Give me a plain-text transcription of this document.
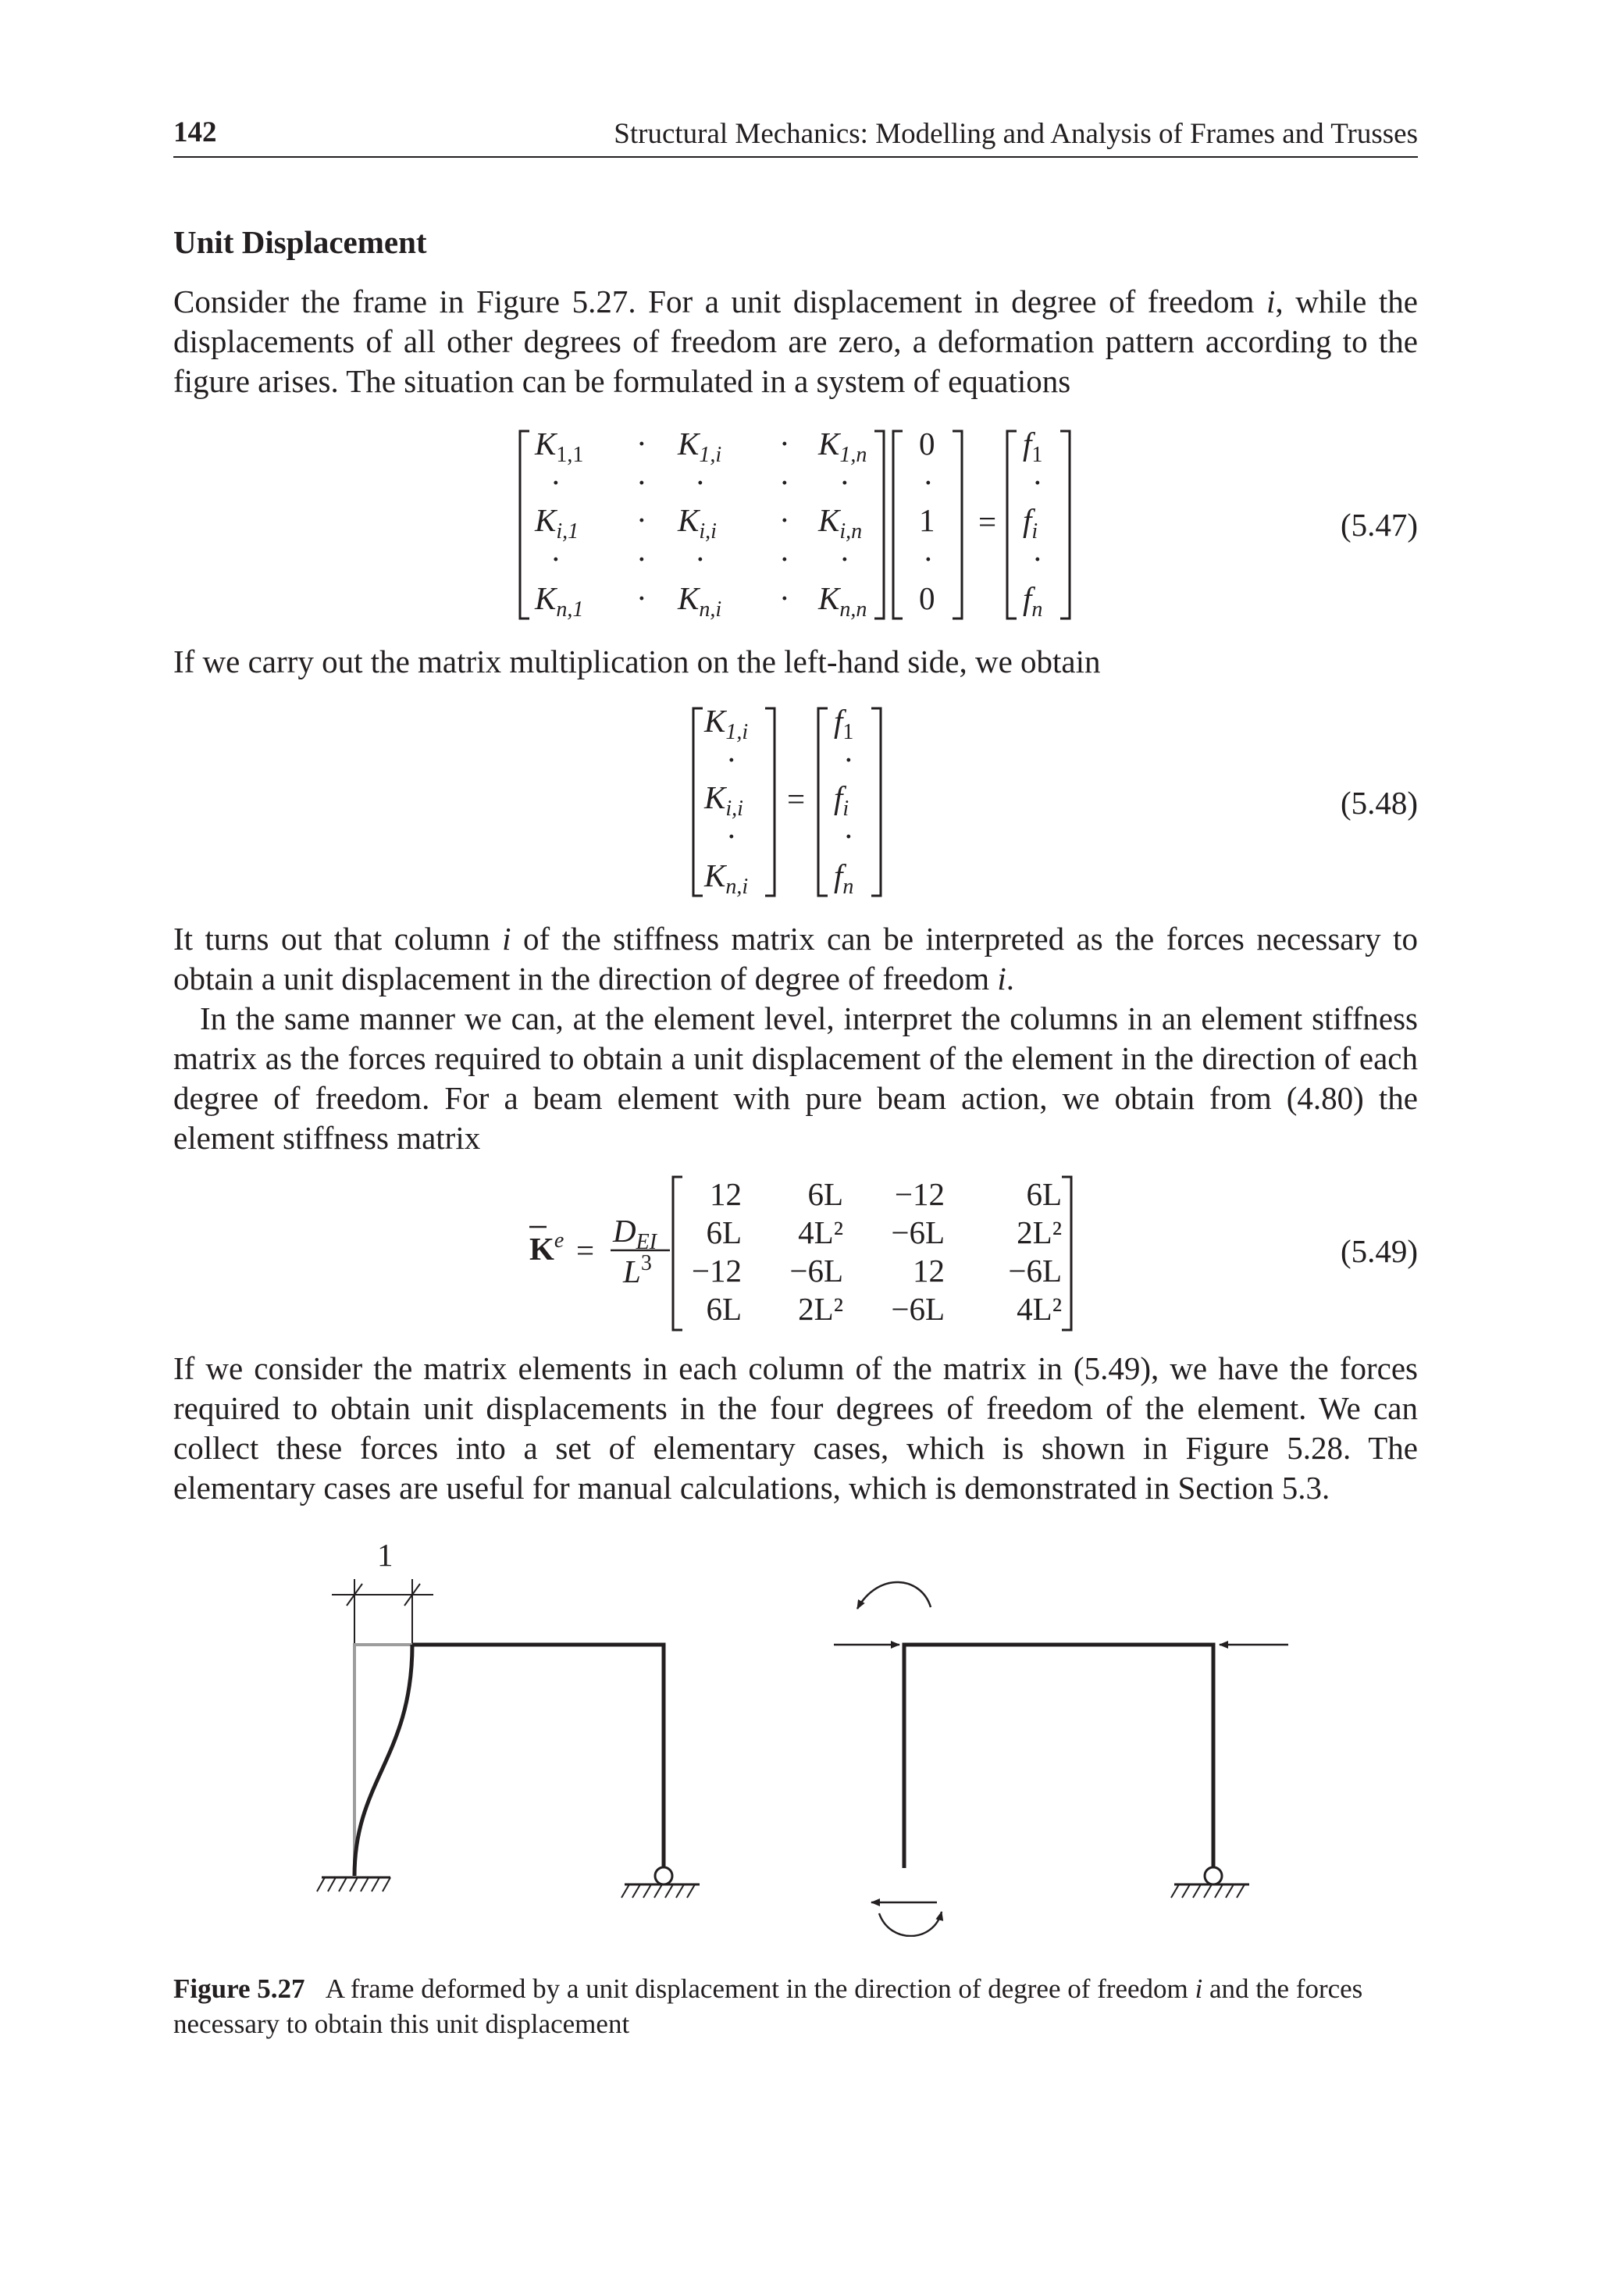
142	Structural Mechanics: Modelling and Analysis of Frames and Trusses
Unit Displacement
Consider the frame in Figure 5.27. For a unit displacement in degree of freedom i, while the displacements of all other degrees of freedom are zero, a deformation pattern according to the figure arises. The situation can be formulated in a system of equations
$K_{1,1} \cdot K_{1,i} \cdot K_{1,n}$
· · · · ·
$K_{i,1} \cdot K_{i,i} \cdot K_{i,n}$
· · · · ·
$K_{n,1} \cdot K_{n,i} \cdot K_{n,n}$
0
·
1
·
0
=
$f_1$
·
$f_i$
·
$f_n$
(5.47)
If we carry out the matrix multiplication on the left-hand side, we obtain
$K_{1,i}$
·
$K_{i,i}$
·
$K_{n,i}$
=
$f_1$
·
$f_i$
·
$f_n$
(5.48)
It turns out that column i of the stiffness matrix can be interpreted as the forces necessary to obtain a unit displacement in the direction of degree of freedom i.
In the same manner we can, at the element level, interpret the columns in an element stiffness matrix as the forces required to obtain a unit displacement of the element in the direction of each degree of freedom. For a beam element with pure beam action, we obtain from (4.80) the element stiffness matrix
$K^e$ =
$D_{EI}$
$L^3$
12 6L −12	6L
6L 4L² −6L 2L²
−12 −6L 12 −6L
6L 2L² −6L 4L²
(5.49)
If we consider the matrix elements in each column of the matrix in (5.49), we have the forces required to obtain unit displacements in the four degrees of freedom of the element. We can collect these forces into a set of elementary cases, which is shown in Figure 5.28. The elementary cases are useful for manual calculations, which is demonstrated in Section 5.3.
1
Figure 5.27 A frame deformed by a unit displacement in the direction of degree of freedom i and the forces necessary to obtain this unit displacement
